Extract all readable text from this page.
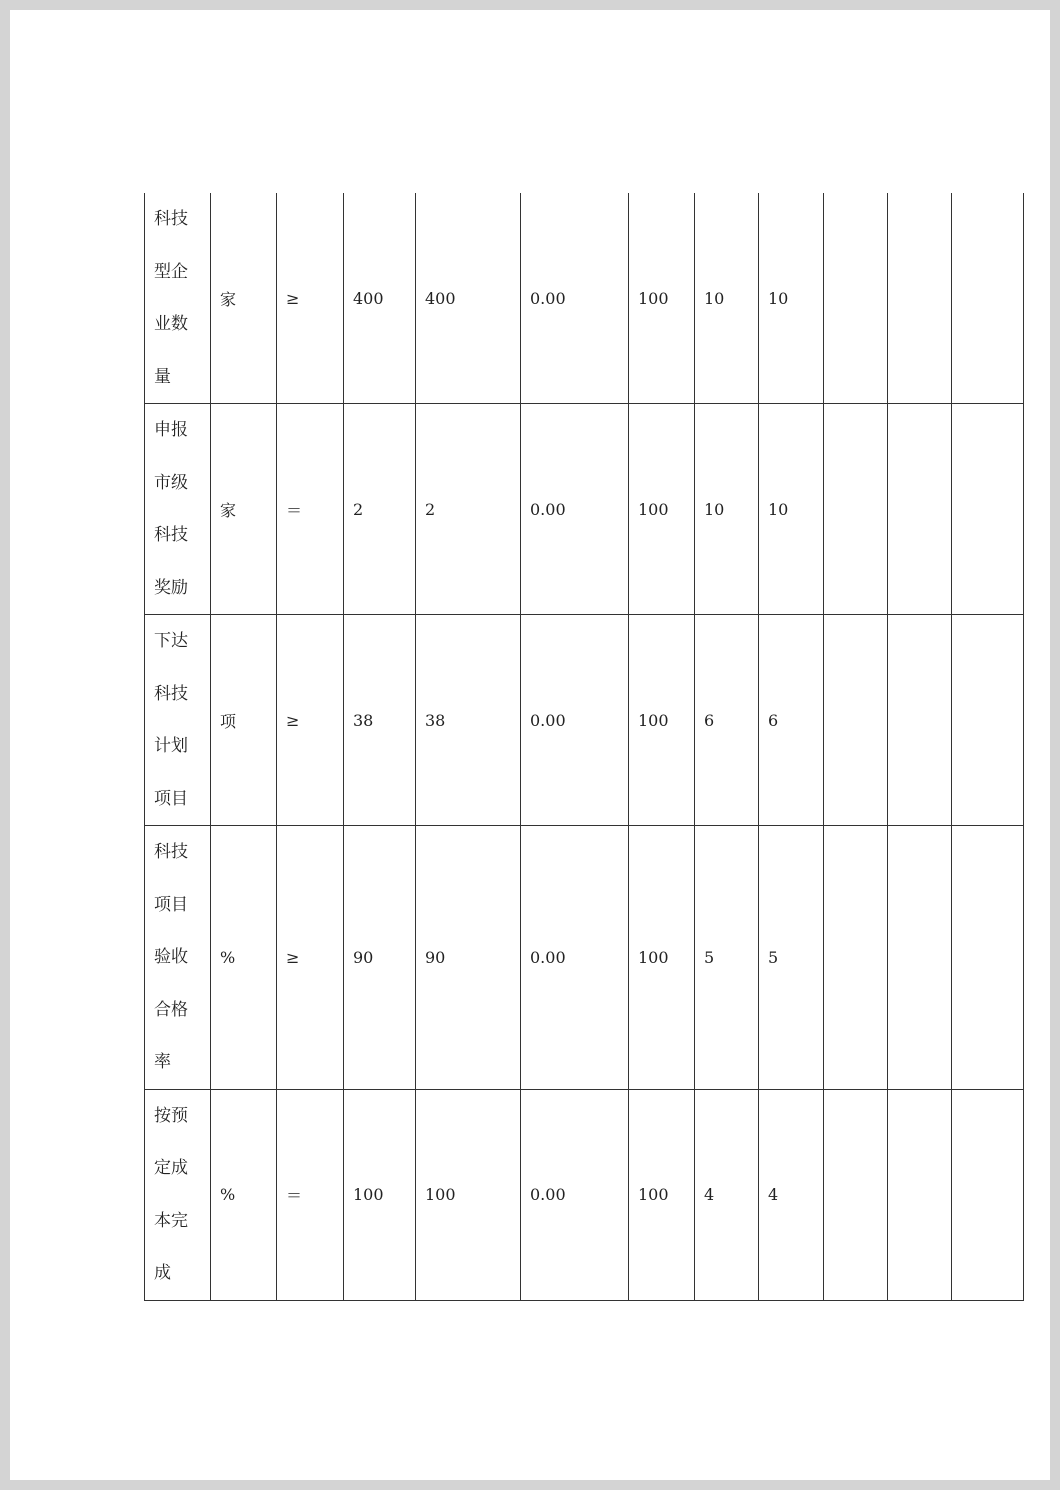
科技
型企
业数
量	家	≥	400	400	0.00	100	10	10			

申报
市级
科技
奖励	家	＝	2	2	0.00	100	10	10			

下达
科技
计划
项目	项	≥	38	38	0.00	100	6	6			

科技
项目
验收
合格
率	%	≥	90	90	0.00	100	5	5			

按预
定成
本完
成	%	＝	100	100	0.00	100	4	4			
